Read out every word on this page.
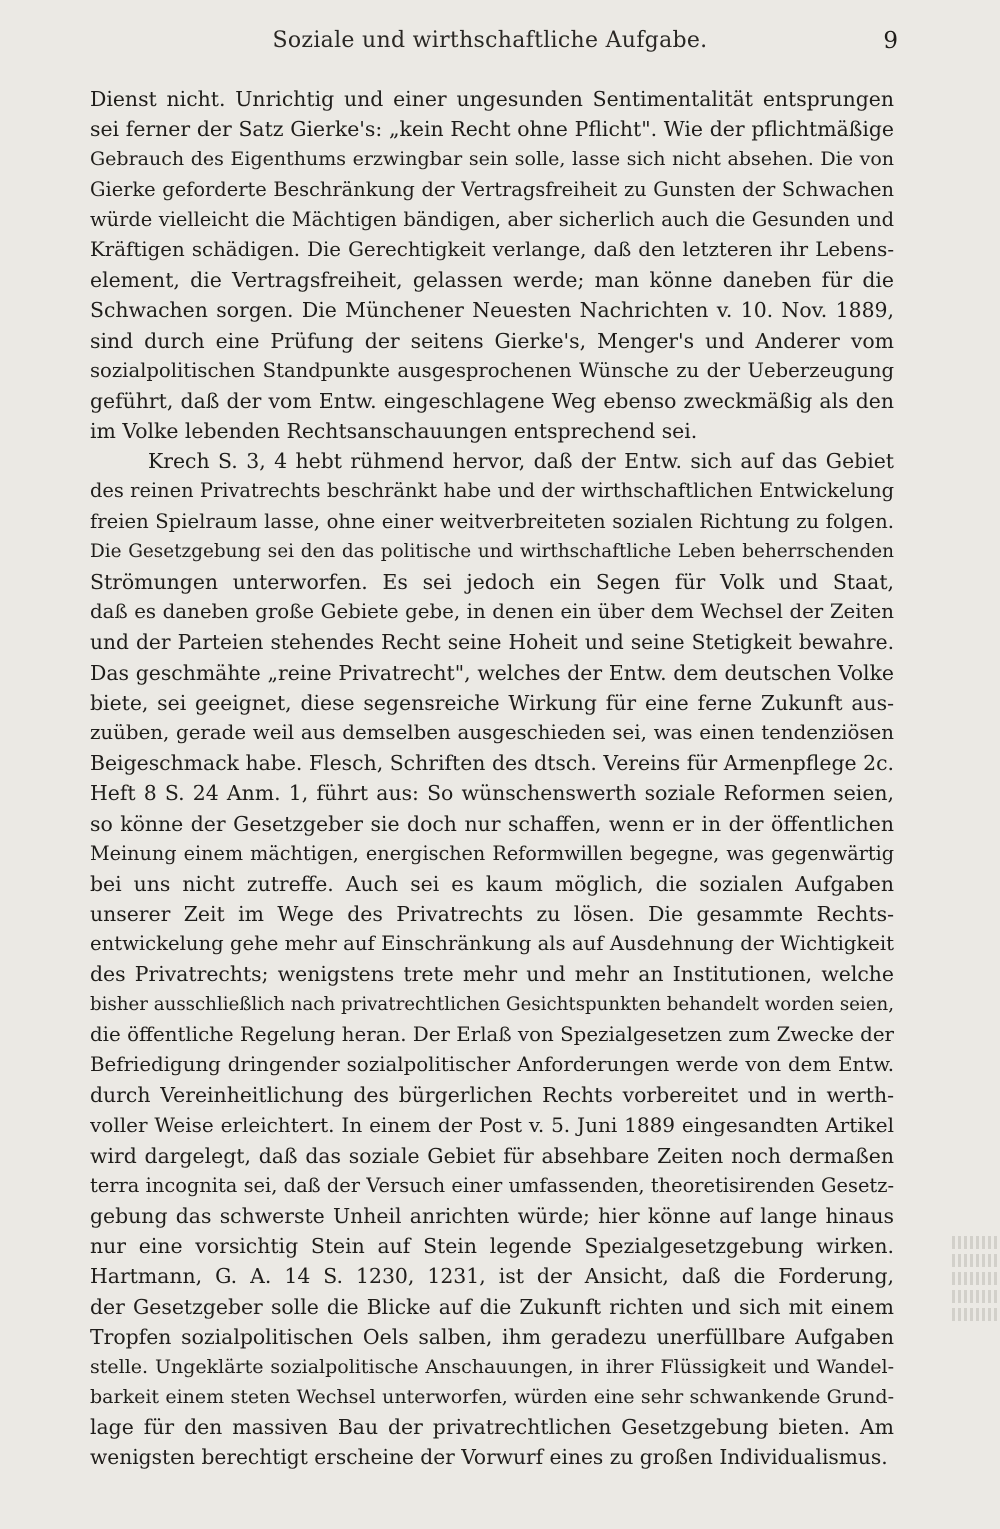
Soziale und wirthschaftliche Aufgabe.	9
Dienst nicht. Unrichtig und einer ungesunden Sentimentalität entsprungen
sei ferner der Satz Gierke's: „kein Recht ohne Pflicht". Wie der pflichtmäßige
Gebrauch des Eigenthums erzwingbar sein solle, lasse sich nicht absehen. Die von
Gierke geforderte Beschränkung der Vertragsfreiheit zu Gunsten der Schwachen
würde vielleicht die Mächtigen bändigen, aber sicherlich auch die Gesunden und
Kräftigen schädigen. Die Gerechtigkeit verlange, daß den letzteren ihr Lebens-
element, die Vertragsfreiheit, gelassen werde; man könne daneben für die
Schwachen sorgen. Die Münchener Neuesten Nachrichten v. 10. Nov. 1889,
sind durch eine Prüfung der seitens Gierke's, Menger's und Anderer vom
sozialpolitischen Standpunkte ausgesprochenen Wünsche zu der Ueberzeugung
geführt, daß der vom Entw. eingeschlagene Weg ebenso zweckmäßig als den
im Volke lebenden Rechtsanschauungen entsprechend sei.
Krech S. 3, 4 hebt rühmend hervor, daß der Entw. sich auf das Gebiet
des reinen Privatrechts beschränkt habe und der wirthschaftlichen Entwickelung
freien Spielraum lasse, ohne einer weitverbreiteten sozialen Richtung zu folgen.
Die Gesetzgebung sei den das politische und wirthschaftliche Leben beherrschenden
Strömungen unterworfen. Es sei jedoch ein Segen für Volk und Staat,
daß es daneben große Gebiete gebe, in denen ein über dem Wechsel der Zeiten
und der Parteien stehendes Recht seine Hoheit und seine Stetigkeit bewahre.
Das geschmähte „reine Privatrecht", welches der Entw. dem deutschen Volke
biete, sei geeignet, diese segensreiche Wirkung für eine ferne Zukunft aus-
zuüben, gerade weil aus demselben ausgeschieden sei, was einen tendenziösen
Beigeschmack habe. Flesch, Schriften des dtsch. Vereins für Armenpflege 2c.
Heft 8 S. 24 Anm. 1, führt aus: So wünschenswerth soziale Reformen seien,
so könne der Gesetzgeber sie doch nur schaffen, wenn er in der öffentlichen
Meinung einem mächtigen, energischen Reformwillen begegne, was gegenwärtig
bei uns nicht zutreffe. Auch sei es kaum möglich, die sozialen Aufgaben
unserer Zeit im Wege des Privatrechts zu lösen. Die gesammte Rechts-
entwickelung gehe mehr auf Einschränkung als auf Ausdehnung der Wichtigkeit
des Privatrechts; wenigstens trete mehr und mehr an Institutionen, welche
bisher ausschließlich nach privatrechtlichen Gesichtspunkten behandelt worden seien,
die öffentliche Regelung heran. Der Erlaß von Spezialgesetzen zum Zwecke der
Befriedigung dringender sozialpolitischer Anforderungen werde von dem Entw.
durch Vereinheitlichung des bürgerlichen Rechts vorbereitet und in werth-
voller Weise erleichtert. In einem der Post v. 5. Juni 1889 eingesandten Artikel
wird dargelegt, daß das soziale Gebiet für absehbare Zeiten noch dermaßen
terra incognita sei, daß der Versuch einer umfassenden, theoretisirenden Gesetz-
gebung das schwerste Unheil anrichten würde; hier könne auf lange hinaus
nur eine vorsichtig Stein auf Stein legende Spezialgesetzgebung wirken.
Hartmann, G. A. 14 S. 1230, 1231, ist der Ansicht, daß die Forderung,
der Gesetzgeber solle die Blicke auf die Zukunft richten und sich mit einem
Tropfen sozialpolitischen Oels salben, ihm geradezu unerfüllbare Aufgaben
stelle. Ungeklärte sozialpolitische Anschauungen, in ihrer Flüssigkeit und Wandel-
barkeit einem steten Wechsel unterworfen, würden eine sehr schwankende Grund-
lage für den massiven Bau der privatrechtlichen Gesetzgebung bieten. Am
wenigsten berechtigt erscheine der Vorwurf eines zu großen Individualismus.
